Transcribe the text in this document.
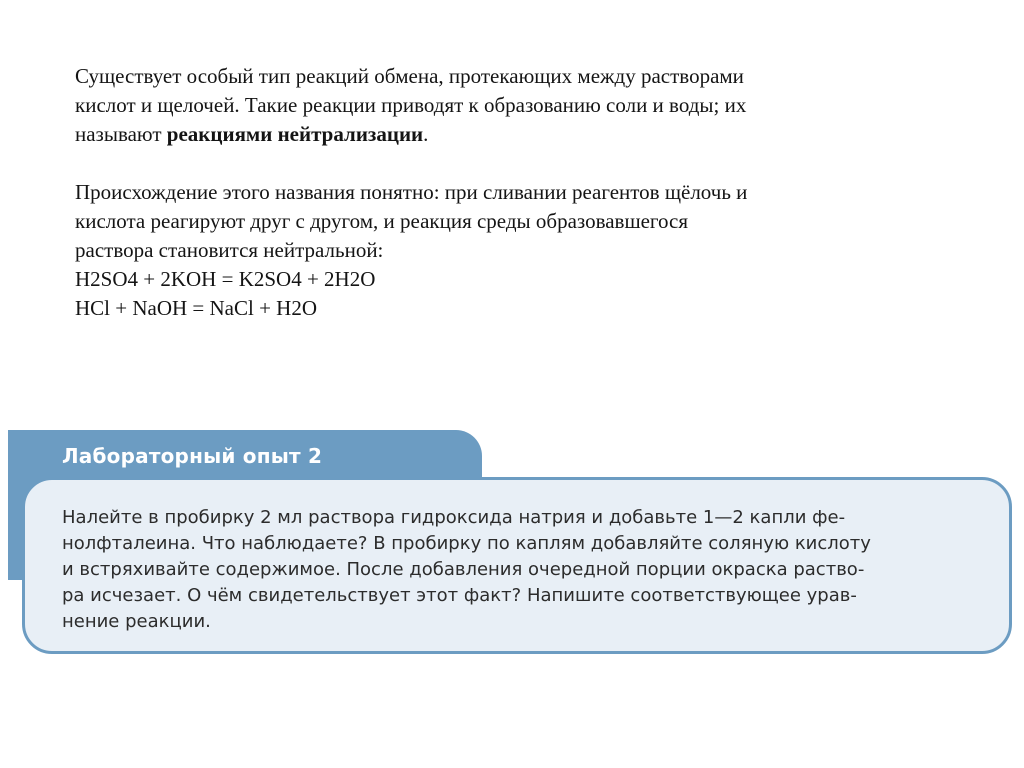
Существует особый тип реакций обмена, протекающих между растворами

кислот и щелочей. Такие реакции приводят к образованию соли и воды; их

называют реакциями нейтрализации.

Происхождение этого названия понятно: при сливании реагентов щёлочь и

кислота реагируют друг с другом, и реакция среды образовавшегося

раствора становится нейтральной:

H2SO4 + 2KOH = K2SO4 + 2H2O

HCl + NaOH = NaCl + H2O

Лабораторный опыт 2
Налейте в пробирку 2 мл раствора гидроксида натрия и добавьте 1—2 капли фе-
нолфталеина. Что наблюдаете? В пробирку по каплям добавляйте соляную кислоту
и встряхивайте содержимое. После добавления очередной порции окраска раство-
ра исчезает. О чём свидетельствует этот факт? Напишите соответствующее урав-
нение реакции.
